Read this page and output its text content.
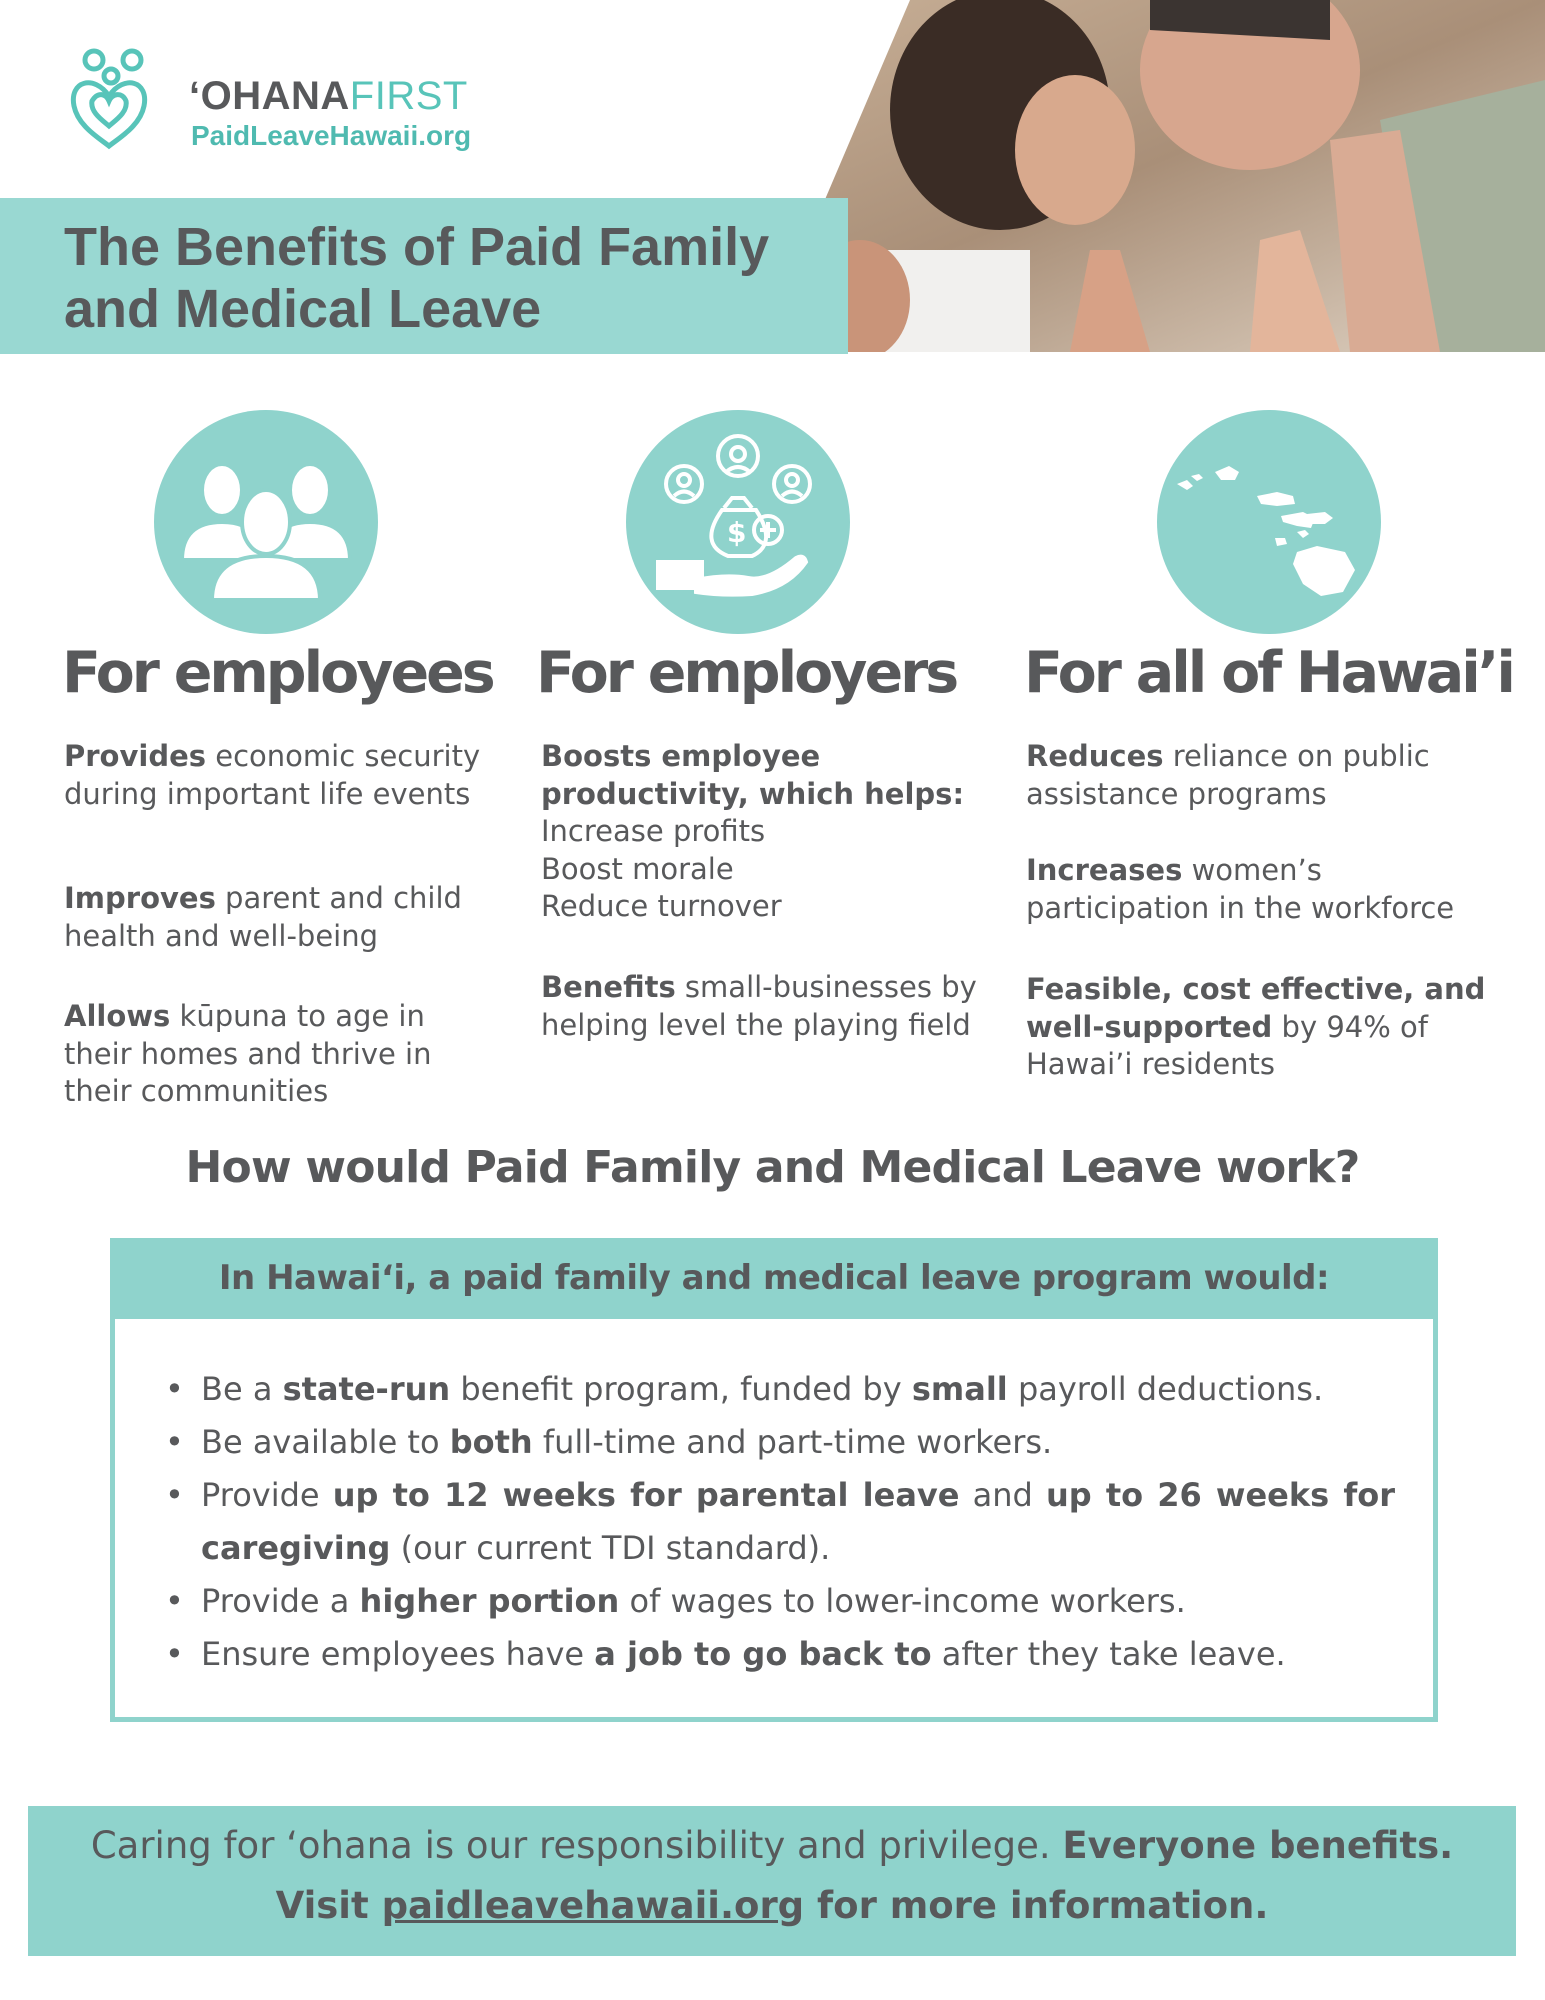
‘OHANAFIRST
PaidLeaveHawaii.org
The Benefits of Paid Family and Medical Leave
$
For employees For employers For all of Hawai’i
Provides economic security during important life events
Improves parent and child health and well-being
Allows kūpuna to age in their homes and thrive in their communities
Boosts employee productivity, which helps:
Increase profits
Boost morale
Reduce turnover
Benefits small-businesses by helping level the playing field
Reduces reliance on public assistance programs
Increases women’s participation in the workforce
Feasible, cost effective, and well-supported by 94% of Hawai’i residents
How would Paid Family and Medical Leave work?
In Hawai‘i, a paid family and medical leave program would:
• Be a state-run benefit program, funded by small payroll deductions.
• Be available to both full-time and part-time workers.
• Provide up to 12 weeks for parental leave and up to 26 weeks for caregiving (our current TDI standard).
• Provide a higher portion of wages to lower-income workers.
• Ensure employees have a job to go back to after they take leave.
Caring for ‘ohana is our responsibility and privilege. Everyone benefits.
Visit paidleavehawaii.org for more information.
